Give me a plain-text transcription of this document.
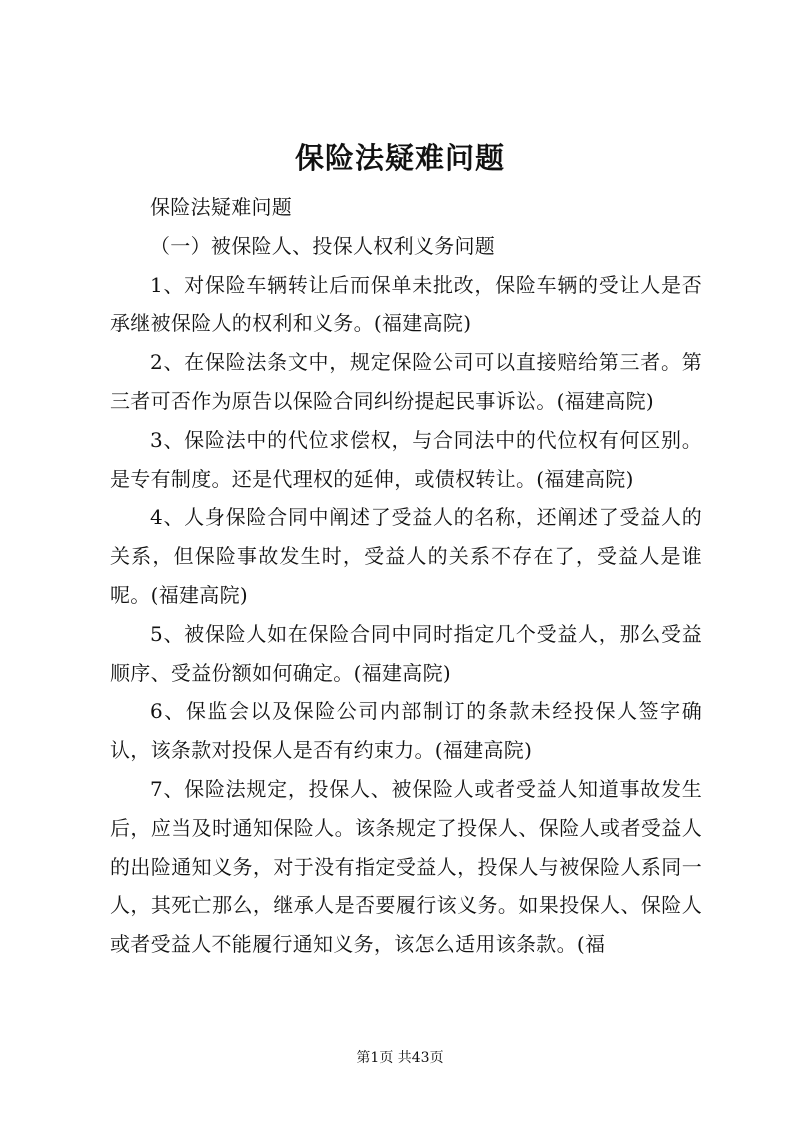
保险法疑难问题

保险法疑难问题

（一）被保险人、投保人权利义务问题

1、对保险车辆转让后而保单未批改，保险车辆的受让人是否承继被保险人的权利和义务。(福建高院)

2、在保险法条文中，规定保险公司可以直接赔给第三者。第三者可否作为原告以保险合同纠纷提起民事诉讼。(福建高院)

3、保险法中的代位求偿权，与合同法中的代位权有何区别。是专有制度。还是代理权的延伸，或债权转让。(福建高院)

4、人身保险合同中阐述了受益人的名称，还阐述了受益人的关系，但保险事故发生时，受益人的关系不存在了，受益人是谁呢。(福建高院)

5、被保险人如在保险合同中同时指定几个受益人，那么受益顺序、受益份额如何确定。(福建高院)

6、保监会以及保险公司内部制订的条款未经投保人签字确认，该条款对投保人是否有约束力。(福建高院)

7、保险法规定，投保人、被保险人或者受益人知道事故发生后，应当及时通知保险人。该条规定了投保人、保险人或者受益人的出险通知义务，对于没有指定受益人，投保人与被保险人系同一人，其死亡那么，继承人是否要履行该义务。如果投保人、保险人或者受益人不能履行通知义务，该怎么适用该条款。(福

第1页 共43页
